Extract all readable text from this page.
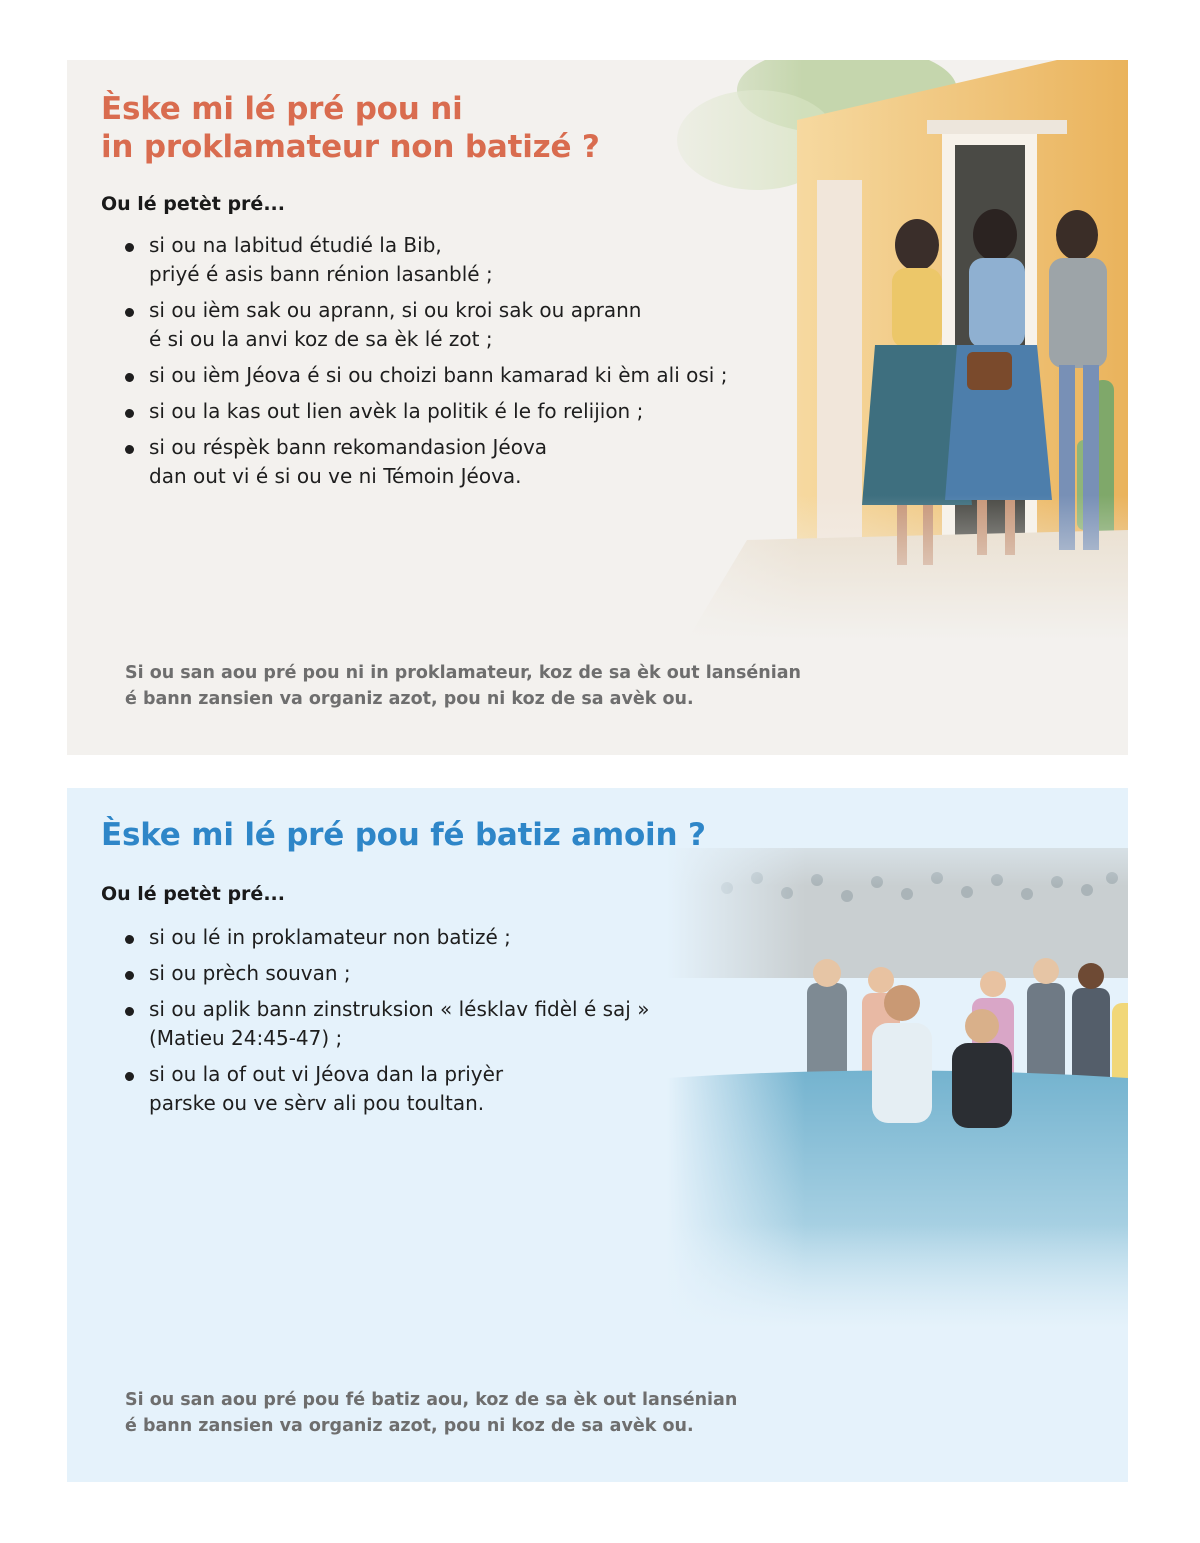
Èske mi lé pré pou ni
in proklamateur non batizé ?

Ou lé petèt pré...

si ou na labitud étudié la Bib,
priyé é asis bann rénion lasanblé ;
si ou ièm sak ou aprann, si ou kroi sak ou aprann
é si ou la anvi koz de sa èk lé zot ;
si ou ièm Jéova é si ou choizi bann kamarad ki èm ali osi ;
si ou la kas out lien avèk la politik é le fo relijion ;
si ou réspèk bann rekomandasion Jéova
dan out vi é si ou ve ni Témoin Jéova.

Si ou san aou pré pou ni in proklamateur, koz de sa èk out lansénian
é bann zansien va organiz azot, pou ni koz de sa avèk ou.

Èske mi lé pré pou fé batiz amoin ?

Ou lé petèt pré...

si ou lé in proklamateur non batizé ;
si ou prèch souvan ;
si ou aplik bann zinstruksion « lésklav fidèl é saj »
(Matieu 24:45-47) ;
si ou la of out vi Jéova dan la priyèr
parske ou ve sèrv ali pou toultan.

Si ou san aou pré pou fé batiz aou, koz de sa èk out lansénian
é bann zansien va organiz azot, pou ni koz de sa avèk ou.
